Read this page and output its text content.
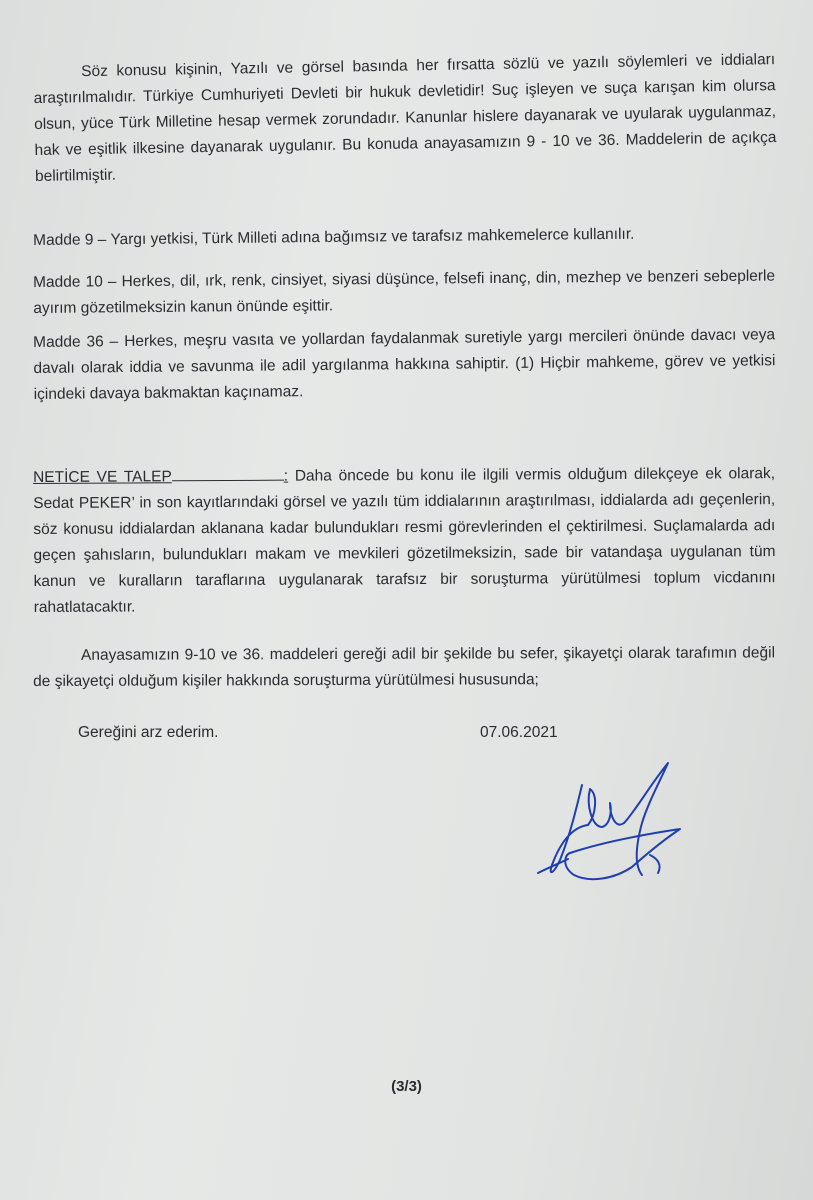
Söz konusu kişinin, Yazılı ve görsel basında her fırsatta sözlü ve yazılı söylemleri ve iddiaları araştırılmalıdır. Türkiye Cumhuriyeti Devleti bir hukuk devletidir! Suç işleyen ve suça karışan kim olursa olsun, yüce Türk Milletine hesap vermek zorundadır. Kanunlar hislere dayanarak ve uyularak uygulanmaz, hak ve eşitlik ilkesine dayanarak uygulanır. Bu konuda anayasamızın 9 - 10 ve 36. Maddelerin de açıkça belirtilmiştir.
Madde 9 – Yargı yetkisi, Türk Milleti adına bağımsız ve tarafsız mahkemelerce kullanılır.
Madde 10 – Herkes, dil, ırk, renk, cinsiyet, siyasi düşünce, felsefi inanç, din, mezhep ve benzeri sebeplerle ayırım gözetilmeksizin kanun önünde eşittir.
Madde 36 – Herkes, meşru vasıta ve yollardan faydalanmak suretiyle yargı mercileri önünde davacı veya davalı olarak iddia ve savunma ile adil yargılanma hakkına sahiptir. (1) Hiçbir mahkeme, görev ve yetkisi içindeki davaya bakmaktan kaçınamaz.
NETİCE VE TALEP	: Daha öncede bu konu ile ilgili vermis olduğum dilekçeye ek olarak, Sedat PEKER’ in son kayıtlarındaki görsel ve yazılı tüm iddialarının araştırılması, iddialarda adı geçenlerin, söz konusu iddialardan aklanana kadar bulundukları resmi görevlerinden el çektirilmesi. Suçlamalarda adı geçen şahısların, bulundukları makam ve mevkileri gözetilmeksizin, sade bir vatandaşa uygulanan tüm kanun ve kuralların taraflarına uygulanarak tarafsız bir soruşturma yürütülmesi toplum vicdanını rahatlatacaktır.
Anayasamızın 9-10 ve 36. maddeleri gereği adil bir şekilde bu sefer, şikayetçi olarak tarafımın değil de şikayetçi olduğum kişiler hakkında soruşturma yürütülmesi hususunda;
Gereğini arz ederim.	07.06.2021
(3/3)
